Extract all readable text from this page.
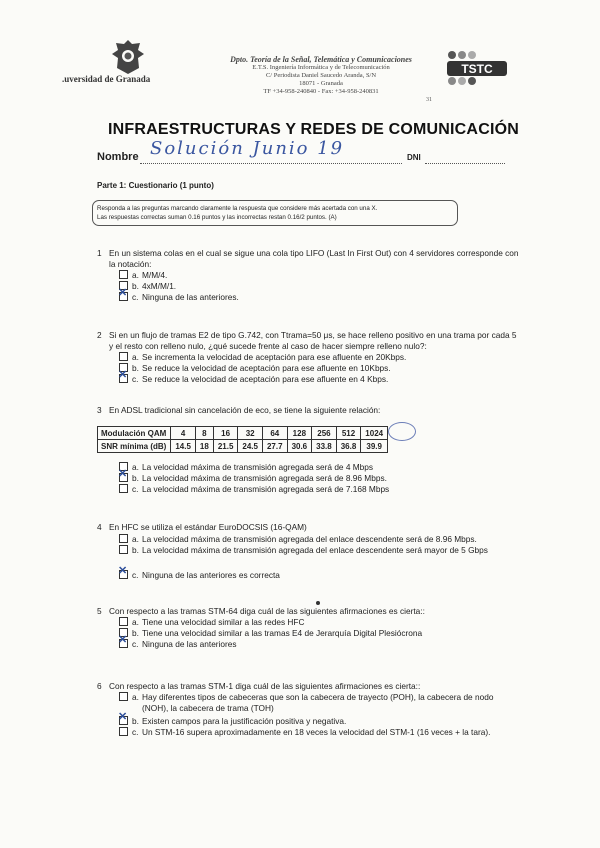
.uversidad de Granada
Dpto. Teoría de la Señal, Telemática y Comunicaciones
E.T.S. Ingeniería Informática y de Telecomunicación
C/ Periodista Daniel Saucedo Aranda, S/N
18071 - Granada
TF +34-958-240840 - Fax: +34-958-240831
31
TSTC
INFRAESTRUCTURAS Y REDES DE COMUNICACIÓN
Nombre Solución Junio 19	DNI
Parte 1: Cuestionario (1 punto)
Responda a las preguntas marcando claramente la respuesta que considere más acertada con una X.
Las respuestas correctas suman 0.16 puntos y las incorrectas restan 0.16/2 puntos. (A)
1 En un sistema colas en el cual se sigue una cola tipo LIFO (Last In First Out) con 4 servidores corresponde con la notación:
a. M/M/4.
b. 4xM/M/1.
✕c. Ninguna de las anteriores.
2 Si en un flujo de tramas E2 de tipo G.742, con Ttrama=50 μs, se hace relleno positivo en una trama por cada 5 y el resto con relleno nulo, ¿qué sucede frente al caso de hacer siempre relleno nulo?:
a. Se incrementa la velocidad de aceptación para ese afluente en 20Kbps.
b. Se reduce la velocidad de aceptación para ese afluente en 10Kbps.
✕c. Se reduce la velocidad de aceptación para ese afluente en 4 Kbps.
3 En ADSL tradicional sin cancelación de eco, se tiene la siguiente relación:
a. La velocidad máxima de transmisión agregada será de 4 Mbps
✕b. La velocidad máxima de transmisión agregada será de 8.96 Mbps.
c. La velocidad máxima de transmisión agregada será de 7.168 Mbps
Modulación QAM	4	8	16	32	64	128	256	512	1024
SNR mínima (dB)	14.5	18	21.5	24.5	27.7	30.6	33.8	36.8	39.9
4 En HFC se utiliza el estándar EuroDOCSIS (16-QAM)
a. La velocidad máxima de transmisión agregada del enlace descendente será de 8.96 Mbps.
b. La velocidad máxima de transmisión agregada del enlace descendente será mayor de 5 Gbps
✕c. Ninguna de las anteriores es correcta
5 Con respecto a las tramas STM-64 diga cuál de las siguientes afirmaciones es cierta::
a. Tiene una velocidad similar a las redes HFC
b. Tiene una velocidad similar a las tramas E4 de Jerarquía Digital Plesiócrona
✕c. Ninguna de las anteriores
6 Con respecto a las tramas STM-1 diga cuál de las siguientes afirmaciones es cierta::
a. Hay diferentes tipos de cabeceras que son la cabecera de trayecto (POH), la cabecera de nodo (NOH), la cabecera de trama (TOH)
✕b. Existen campos para la justificación positiva y negativa.
c. Un STM-16 supera aproximadamente en 18 veces la velocidad del STM-1 (16 veces + la tara).
